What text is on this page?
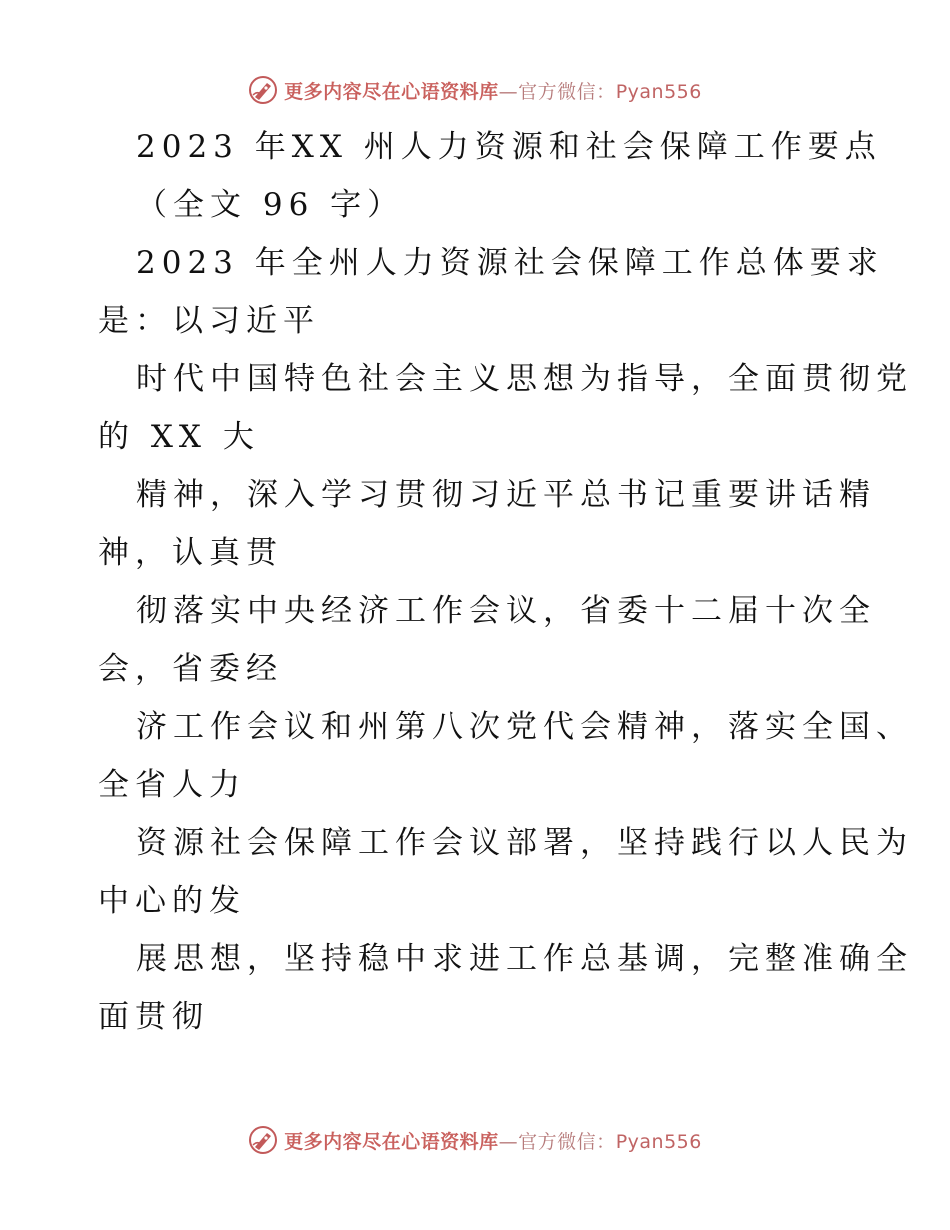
更多内容尽在心语资料库—官方微信：Pyan556
2023 年XX 州人力资源和社会保障工作要点
（全文 96 字）
2023 年全州人力资源社会保障工作总体要求
是：以习近平
时代中国特色社会主义思想为指导，全面贯彻党
的 XX 大
精神，深入学习贯彻习近平总书记重要讲话精
神，认真贯
彻落实中央经济工作会议，省委十二届十次全
会，省委经
济工作会议和州第八次党代会精神，落实全国、
全省人力
资源社会保障工作会议部署，坚持践行以人民为
中心的发
展思想，坚持稳中求进工作总基调，完整准确全
面贯彻
更多内容尽在心语资料库—官方微信：Pyan556
